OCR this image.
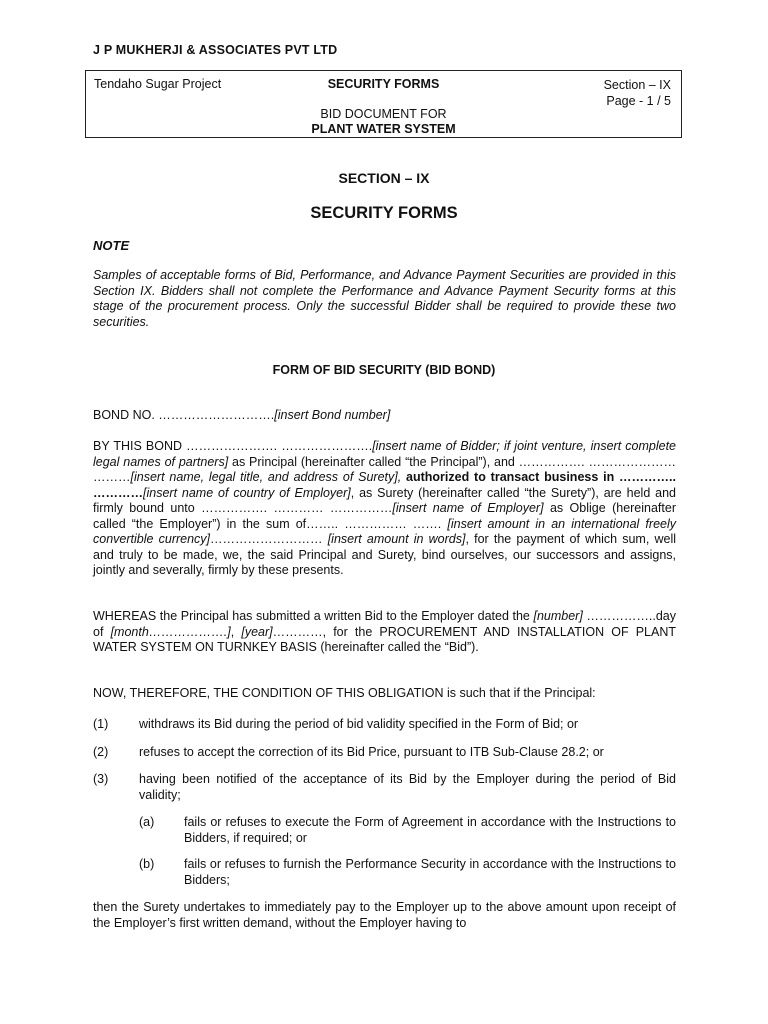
J P MUKHERJI & ASSOCIATES PVT LTD
Tendaho Sugar Project	SECURITY FORMS	Section – IX
Page - 1 / 5
BID DOCUMENT FOR
PLANT WATER SYSTEM
SECTION – IX
SECURITY FORMS
NOTE
Samples of acceptable forms of Bid, Performance, and Advance Payment Securities are provided in this Section IX. Bidders shall not complete the Performance and Advance Payment Security forms at this stage of the procurement process. Only the successful Bidder shall be required to provide these two securities.
FORM OF BID SECURITY (BID BOND)
BOND NO. ……………………….[insert Bond number]
BY THIS BOND …………………. ………………….[insert name of Bidder; if joint venture, insert complete legal names of partners] as Principal (hereinafter called “the Principal”), and ……………. ………………… ………[insert name, legal title, and address of Surety], authorized to transact business in ………….. …………[insert name of country of Employer], as Surety (hereinafter called “the Surety”), are held and firmly bound unto ……………. ………… ……………[insert name of Employer] as Oblige (hereinafter called “the Employer”) in the sum of…….. …………… ……. [insert amount in an international freely convertible currency]……………………… [insert amount in words], for the payment of which sum, well and truly to be made, we, the said Principal and Surety, bind ourselves, our successors and assigns, jointly and severally, firmly by these presents.
WHEREAS the Principal has submitted a written Bid to the Employer dated the [number] ……………..day of [month……………….], [year]…………, for the PROCUREMENT AND INSTALLATION OF PLANT WATER SYSTEM ON TURNKEY BASIS (hereinafter called the “Bid”).
NOW, THEREFORE, THE CONDITION OF THIS OBLIGATION is such that if the Principal:
(1) withdraws its Bid during the period of bid validity specified in the Form of Bid; or
(2) refuses to accept the correction of its Bid Price, pursuant to ITB Sub-Clause 28.2; or
(3) having been notified of the acceptance of its Bid by the Employer during the period of Bid validity;
(a) fails or refuses to execute the Form of Agreement in accordance with the Instructions to Bidders, if required; or
(b) fails or refuses to furnish the Performance Security in accordance with the Instructions to Bidders;
then the Surety undertakes to immediately pay to the Employer up to the above amount upon receipt of the Employer’s first written demand, without the Employer having to
